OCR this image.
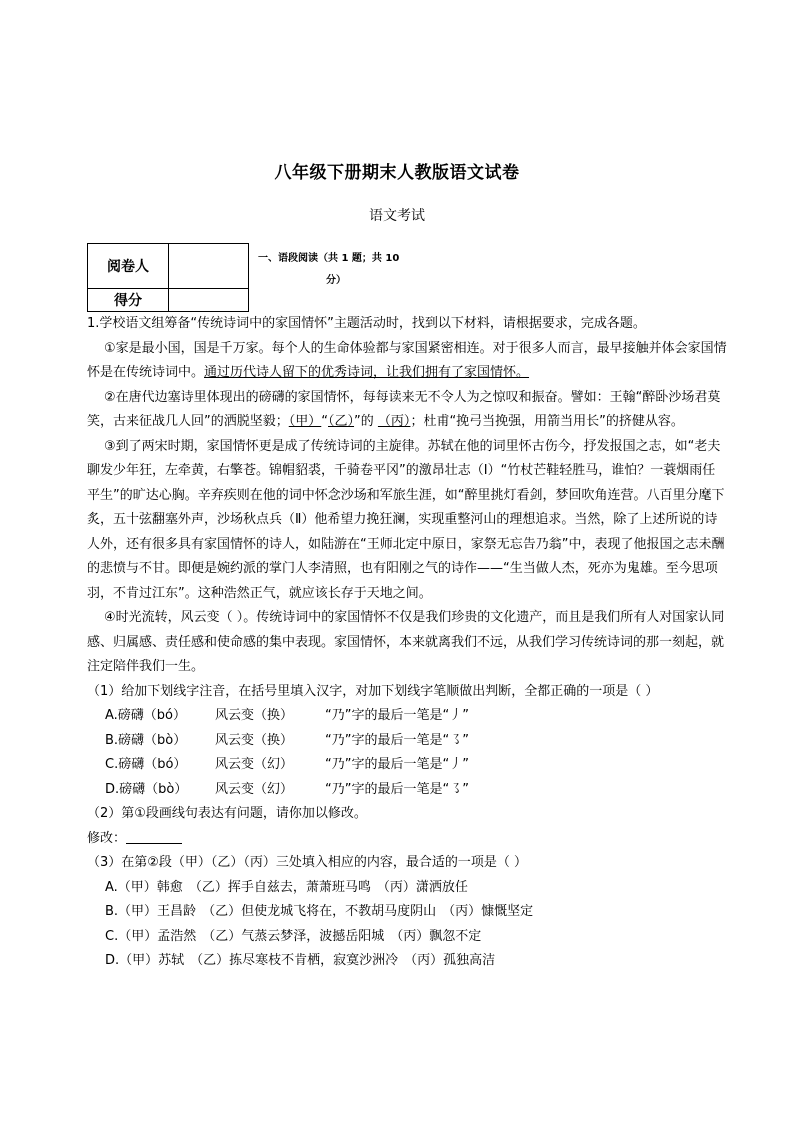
八年级下册期末人教版语文试卷
语文考试
阅卷人	
得分	
一、语段阅读（共 1 题；共 10
分）

1.学校语文组筹备“传统诗词中的家国情怀”主题活动时，找到以下材料，请根据要求，完成各题。

①家是最小国，国是千万家。每个人的生命体验都与家国紧密相连。对于很多人而言，最早接触并体会家国情怀是在传统诗词中。通过历代诗人留下的优秀诗词，让我们拥有了家国情怀。

②在唐代边塞诗里体现出的磅礴的家国情怀，每每读来无不令人为之惊叹和振奋。譬如：王翰“醉卧沙场君莫笑，古来征战几人回”的洒脱坚毅；（甲）“（乙）”的 （丙）；杜甫“挽弓当挽强，用箭当用长”的挤健从容。

③到了两宋时期，家国情怀更是成了传统诗词的主旋律。苏轼在他的词里怀古伤今，抒发报国之志，如“老夫聊发少年狂，左牵黄，右擎苍。锦帽貂裘，千骑卷平冈”的激昂壮志（Ⅰ）“竹杖芒鞋轻胜马，谁怕？一蓑烟雨任平生”的旷达心胸。辛弃疾则在他的词中怀念沙场和军旅生涯，如“醉里挑灯看剑，梦回吹角连营。八百里分麾下炙，五十弦翻塞外声，沙场秋点兵（Ⅱ）他希望力挽狂澜，实现重整河山的理想追求。当然，除了上述所说的诗人外，还有很多具有家国情怀的诗人，如陆游在“王师北定中原日，家祭无忘告乃翁”中，表现了他报国之志未酬的悲愤与不甘。即便是婉约派的掌门人李清照，也有阳刚之气的诗作——“生当做人杰，死亦为鬼雄。至今思项羽，不肯过江东”。这种浩然正气，就应该长存于天地之间。

④时光流转，风云变（ ）。传统诗词中的家国情怀不仅是我们珍贵的文化遗产，而且是我们所有人对国家认同感、归属感、责任感和使命感的集中表现。家国情怀，本来就离我们不远，从我们学习传统诗词的那一刻起，就注定陪伴我们一生。

（1）给加下划线字注音，在括号里填入汉字，对加下划线字笔顺做出判断，全都正确的一项是（ ）

A.磅礴（bó）	风云变（换）	“乃”字的最后一笔是“丿”
B.磅礴（bò）	风云变（换）	“乃”字的最后一笔是“㇌”
C.磅礴（bó）	风云变（幻）	“乃”字的最后一笔是“丿”
D.磅礴（bò）	风云变（幻）	“乃”字的最后一笔是“㇌”

（2）第①段画线句表达有问题，请你加以修改。

修改：

（3）在第②段（甲）（乙）（丙）三处填入相应的内容，最合适的一项是（ ）

A.（甲）韩愈 （乙）挥手自兹去，萧萧班马鸣 （丙）潇洒放任
B.（甲）王昌龄 （乙）但使龙城飞将在，不教胡马度阴山 （丙）慷慨坚定
C.（甲）孟浩然 （乙）气蒸云梦泽，波撼岳阳城 （丙）飘忽不定
D.（甲）苏轼 （乙）拣尽寒枝不肯栖，寂寞沙洲冷 （丙）孤独高洁
